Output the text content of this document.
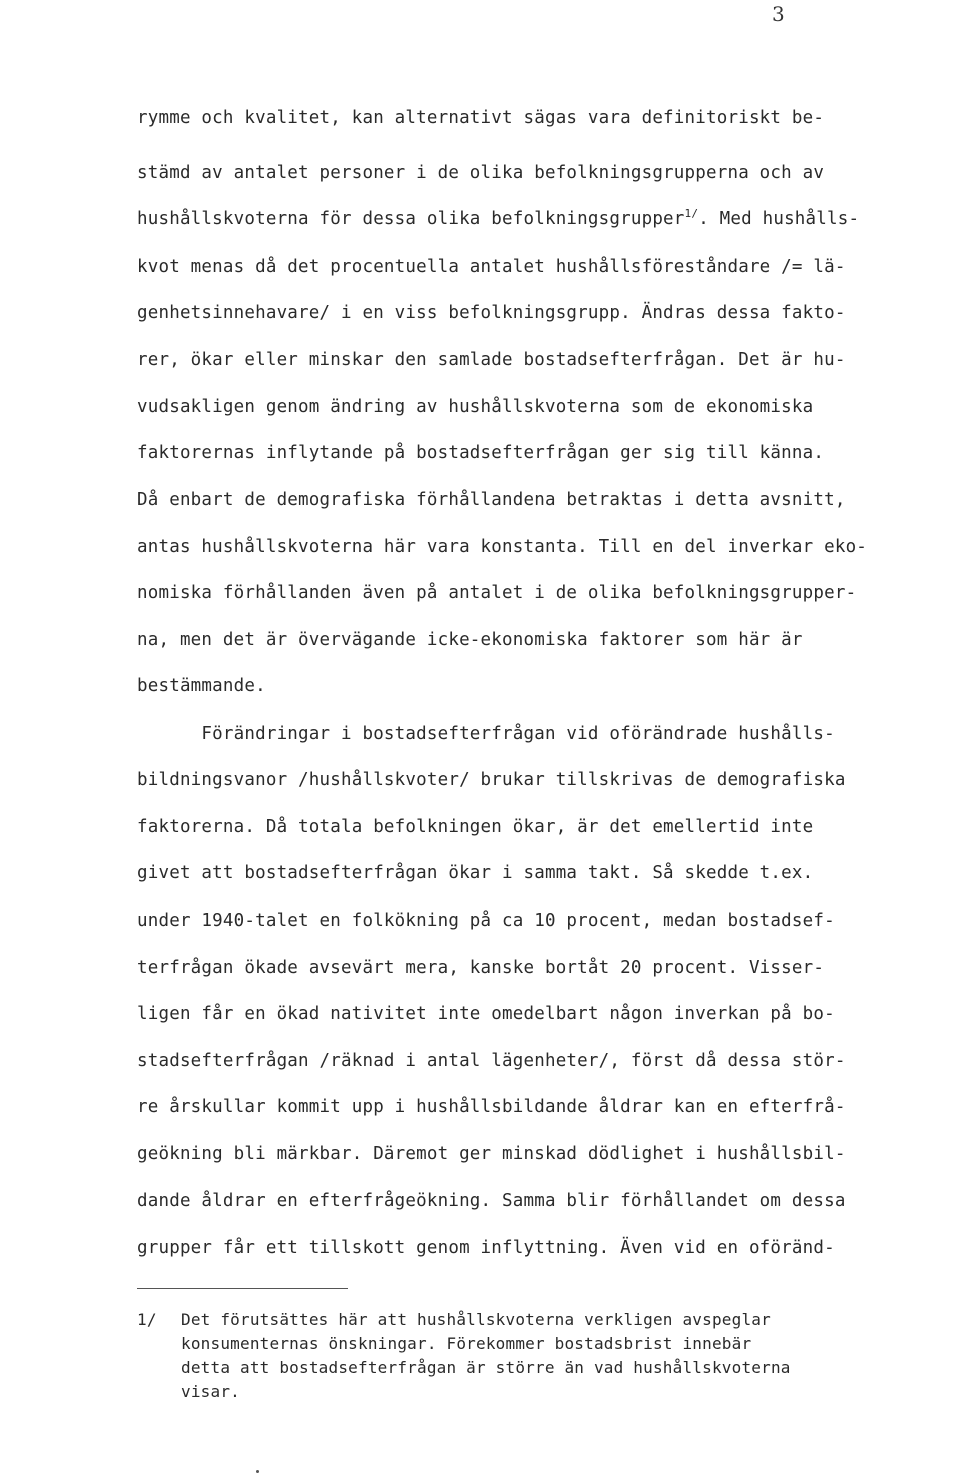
3
rymme och kvalitet, kan alternativt sägas vara definitoriskt be-
stämd av antalet personer i de olika befolkningsgrupperna och av
hushållskvoterna för dessa olika befolkningsgrupper$^{1/}$. Med hushålls-
kvot menas då det procentuella antalet hushållsföreståndare /= lä-
genhetsinnehavare/ i en viss befolkningsgrupp. Ändras dessa fakto-
rer, ökar eller minskar den samlade bostadsefterfrågan. Det är hu-
vudsakligen genom ändring av hushållskvoterna som de ekonomiska
faktorernas inflytande på bostadsefterfrågan ger sig till känna.
Då enbart de demografiska förhållandena betraktas i detta avsnitt,
antas hushållskvoterna här vara konstanta. Till en del inverkar eko-
nomiska förhållanden även på antalet i de olika befolkningsgrupper-
na, men det är övervägande icke-ekonomiska faktorer som här är
bestämmande.
Förändringar i bostadsefterfrågan vid oförändrade hushålls-
bildningsvanor /hushållskvoter/ brukar tillskrivas de demografiska
faktorerna. Då totala befolkningen ökar, är det emellertid inte
givet att bostadsefterfrågan ökar i samma takt. Så skedde t.ex.
under 1940-talet en folkökning på ca 10 procent, medan bostadsef-
terfrågan ökade avsevärt mera, kanske bortåt 20 procent. Visser-
ligen får en ökad nativitet inte omedelbart någon inverkan på bo-
stadsefterfrågan /räknad i antal lägenheter/, först då dessa stör-
re årskullar kommit upp i hushållsbildande åldrar kan en efterfrå-
geökning bli märkbar. Däremot ger minskad dödlighet i hushållsbil-
dande åldrar en efterfrågeökning. Samma blir förhållandet om dessa
grupper får ett tillskott genom inflyttning. Även vid en oföränd-
1/ Det förutsättes här att hushållskvoterna verkligen avspeglar
konsumenternas önskningar. Förekommer bostadsbrist innebär
detta att bostadsefterfrågan är större än vad hushållskvoterna
visar.
